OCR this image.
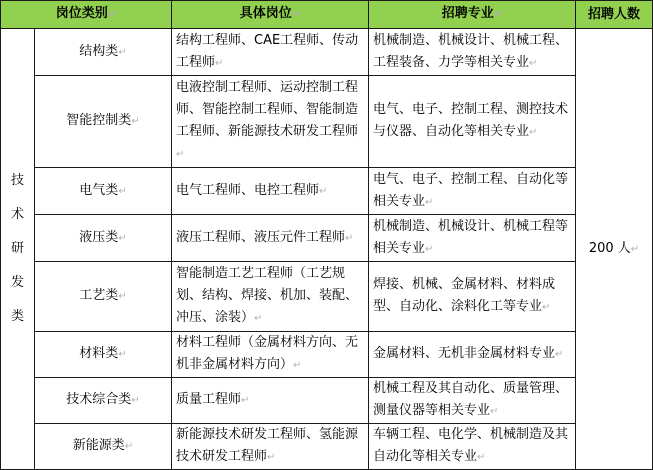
岗位类别 ↵		具体岗位 ↵	招聘专业 ↵	招聘人数
技术研发类	结构类 ↵	结构工程师、CAE工程师、传动工程师 ↵	机械制造、机械设计、机械工程、工程装备、力学等相关专业 ↵	200 人 ↵
	智能控制类 ↵	电液控制工程师、运动控制工程师、智能控制工程师、智能制造工程师、新能源技术研发工程师 ↵	电气、电子、控制工程、测控技术与仪器、自动化等相关专业 ↵
	电气类 ↵	电气工程师、电控工程师 ↵	电气、电子、控制工程、自动化等相关专业 ↵
	液压类 ↵	液压工程师、液压元件工程师 ↵	机械制造、机械设计、机械工程等相关专业 ↵
	工艺类 ↵	智能制造工艺工程师（工艺规划、结构、焊接、机加、装配、冲压、涂装） ↵	焊接、机械、金属材料、材料成型、自动化、涂料化工等专业 ↵
	材料类 ↵	材料工程师（金属材料方向、无机非金属材料方向） ↵	金属材料、无机非金属材料专业 ↵
	技术综合类 ↵	质量工程师 ↵	机械工程及其自动化、质量管理、测量仪器等相关专业 ↵
	新能源类 ↵	新能源技术研发工程师、氢能源技术研发工程师 ↵	车辆工程、电化学、机械制造及其自动化等相关专业 ↵
